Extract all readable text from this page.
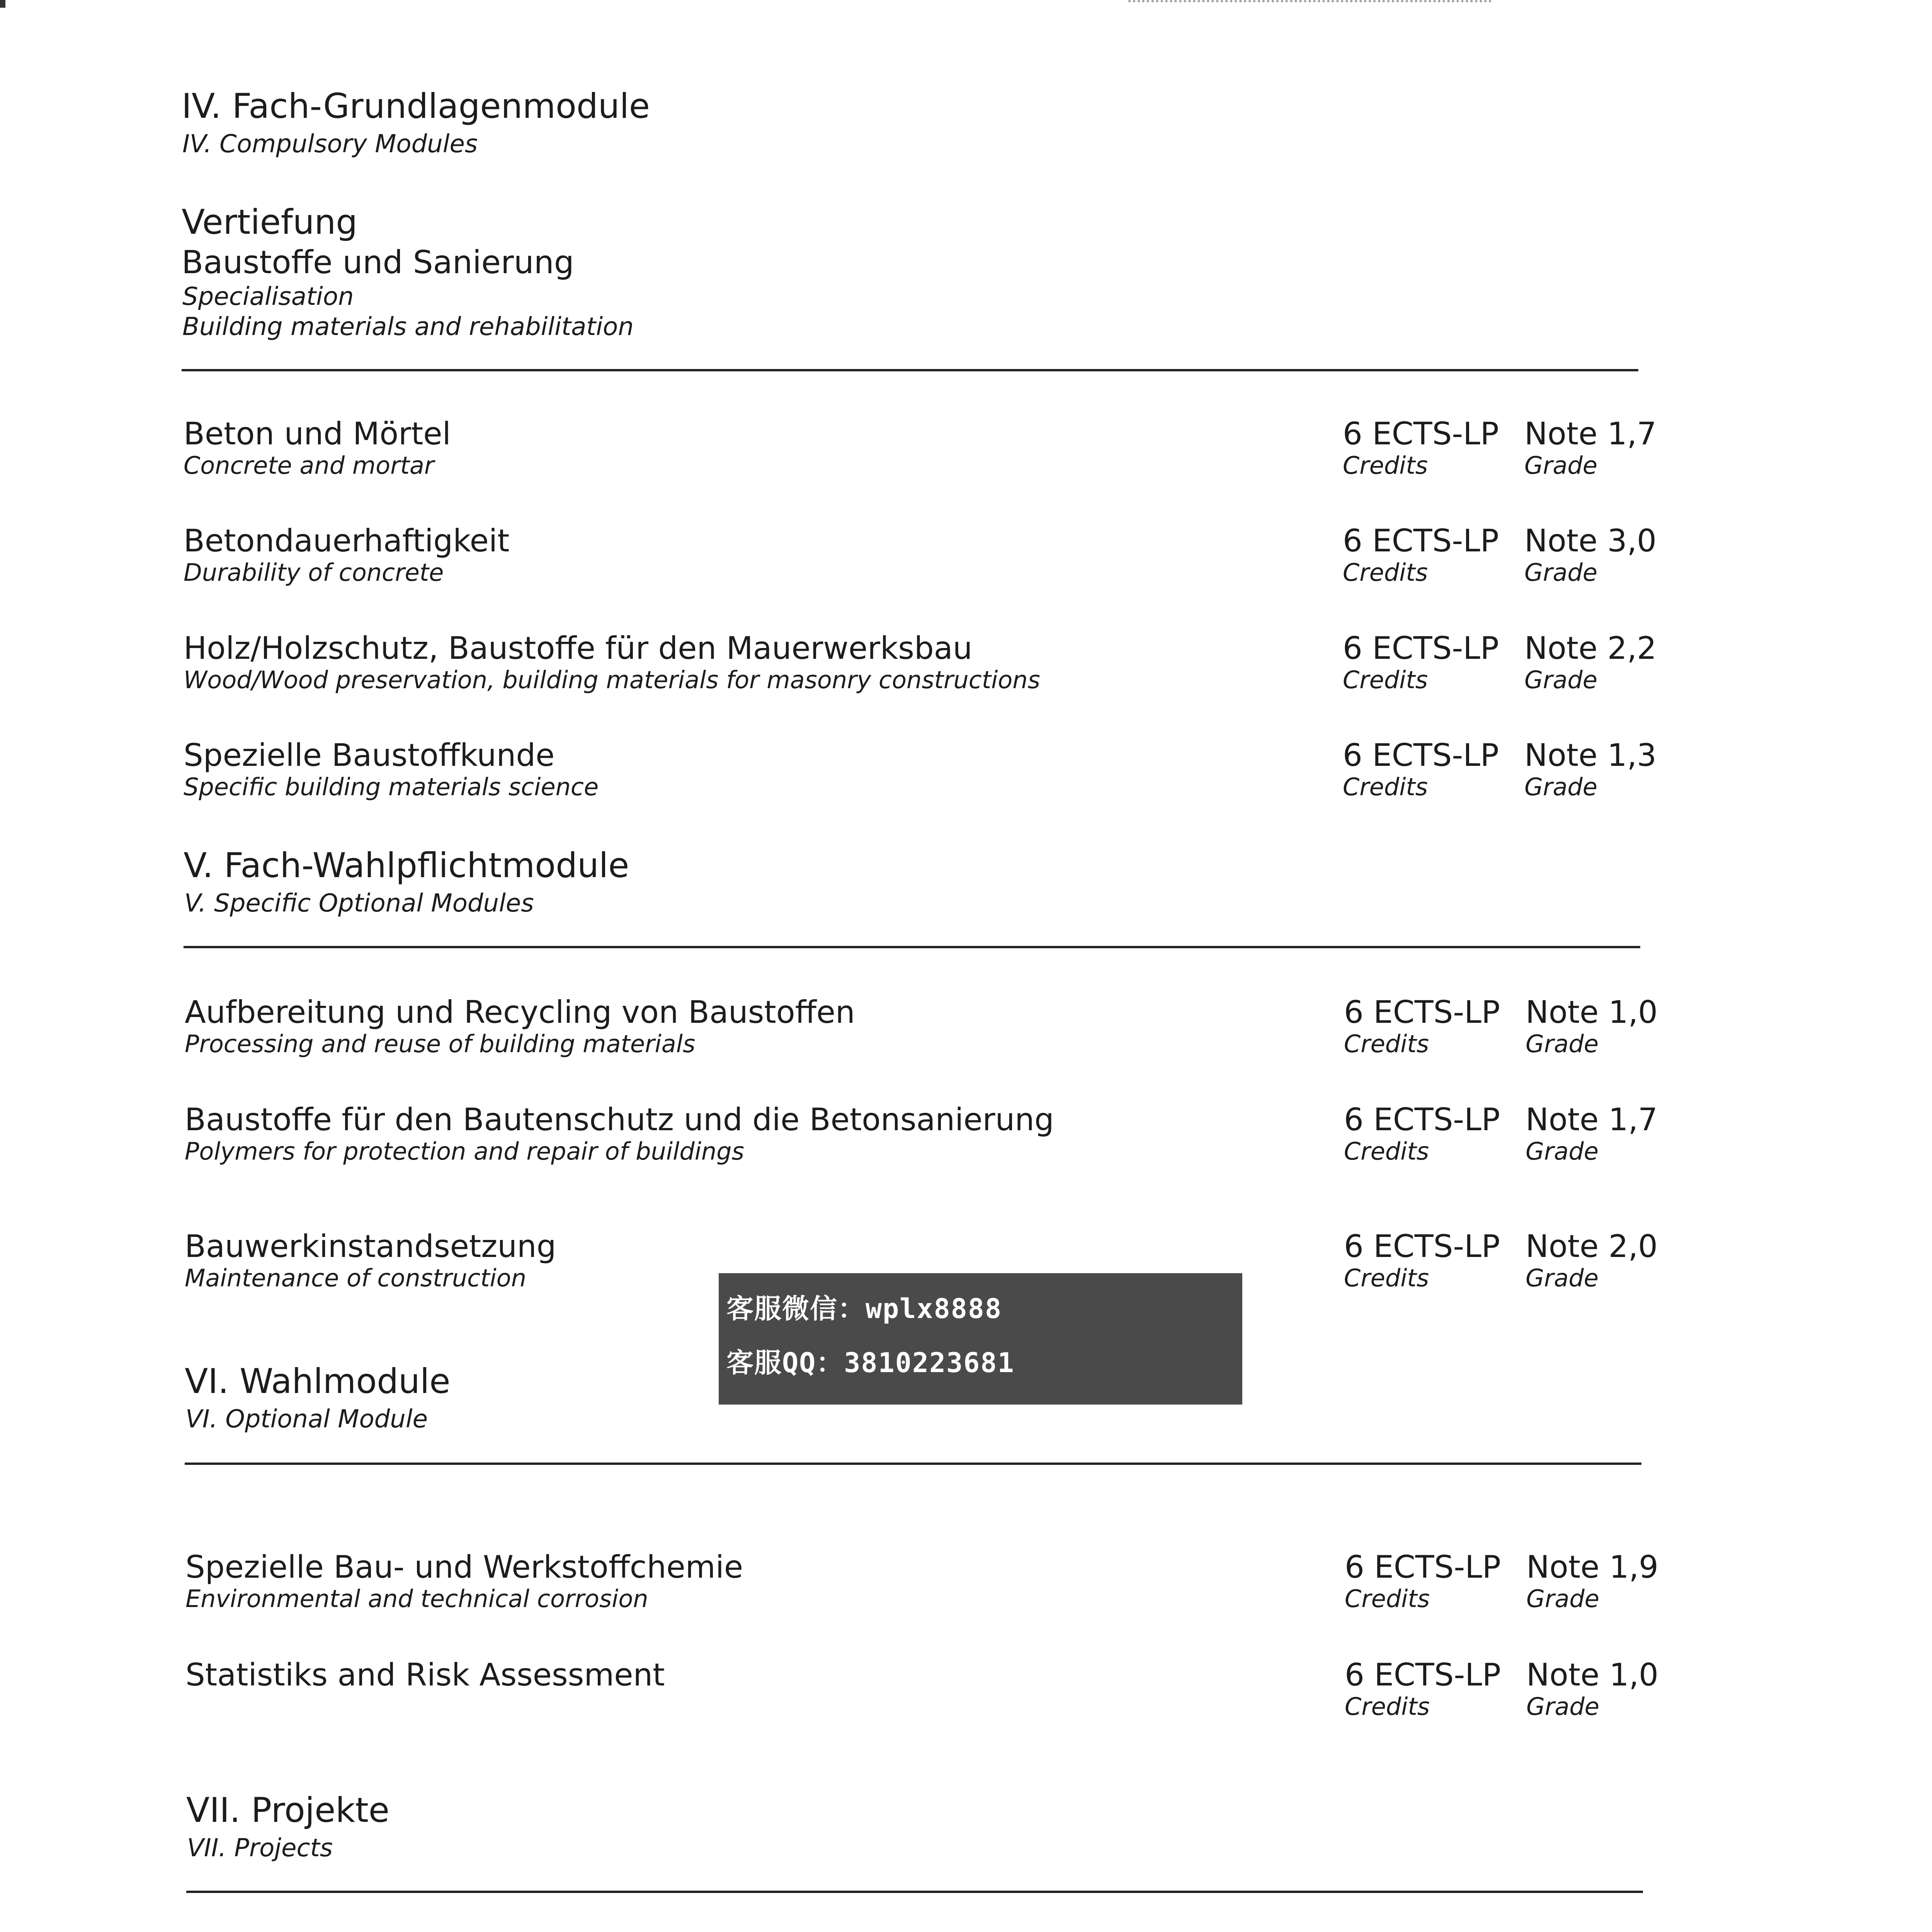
IV. Fach-Grundlagenmodule
IV. Compulsory Modules
Vertiefung
Baustoffe und Sanierung
Specialisation
Building materials and rehabilitation
Beton und Mörtel
Concrete and mortar
6 ECTS-LP
Credits
Note 1,7
Grade
Betondauerhaftigkeit
Durability of concrete
6 ECTS-LP
Credits
Note 3,0
Grade
Holz/Holzschutz, Baustoffe für den Mauerwerksbau
Wood/Wood preservation, building materials for masonry constructions
6 ECTS-LP
Credits
Note 2,2
Grade
Spezielle Baustoffkunde
Specific building materials science
6 ECTS-LP
Credits
Note 1,3
Grade
V. Fach-Wahlpflichtmodule
V. Specific Optional Modules
Aufbereitung und Recycling von Baustoffen
Processing and reuse of building materials
6 ECTS-LP
Credits
Note 1,0
Grade
Baustoffe für den Bautenschutz und die Betonsanierung
Polymers for protection and repair of buildings
6 ECTS-LP
Credits
Note 1,7
Grade
Bauwerkinstandsetzung
Maintenance of construction
6 ECTS-LP
Credits
Note 2,0
Grade
VI. Wahlmodule
VI. Optional Module
Spezielle Bau- und Werkstoffchemie
Environmental and technical corrosion
6 ECTS-LP
Credits
Note 1,9
Grade
Statistiks and Risk Assessment	6 ECTS-LP
Credits
Note 1,0
Grade
VII. Projekte
VII. Projects
客服微信：wplx8888
客服QQ：3810223681
